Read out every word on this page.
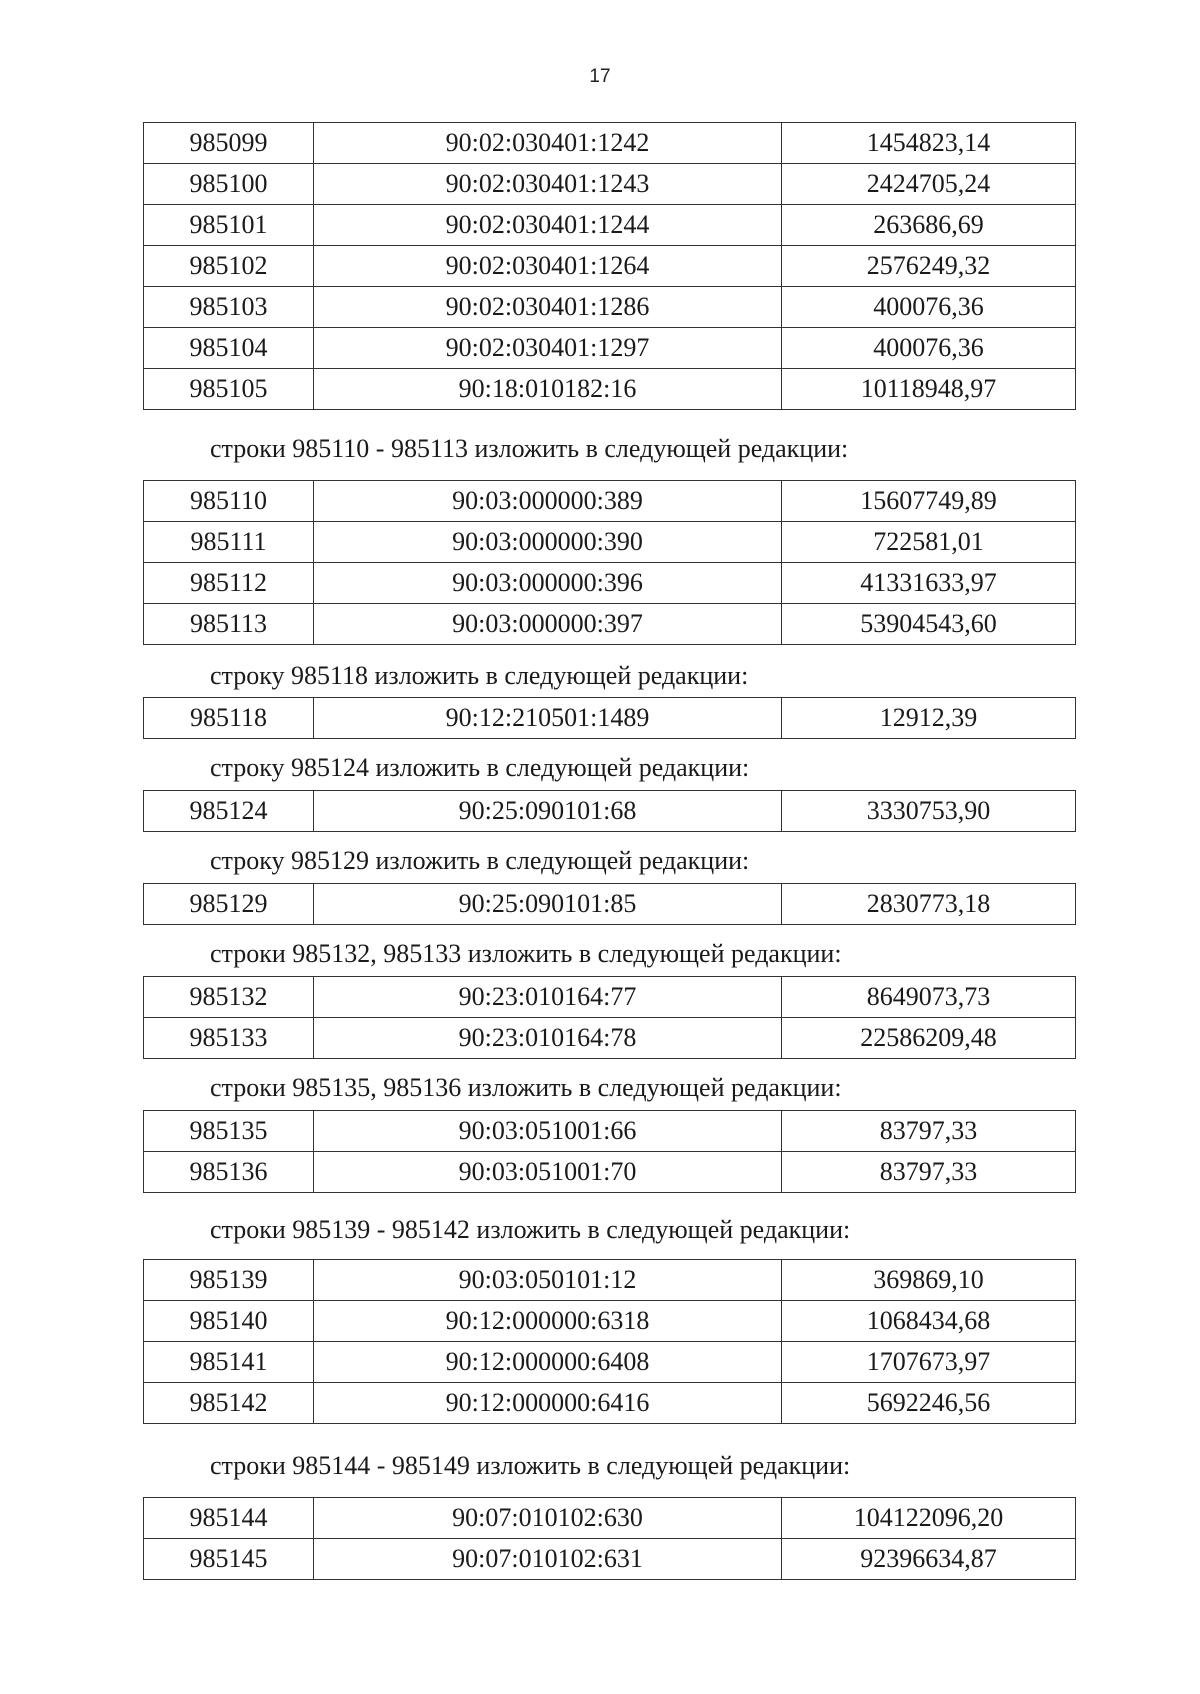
17
985099	90:02:030401:1242	1454823,14
985100	90:02:030401:1243	2424705,24
985101	90:02:030401:1244	263686,69
985102	90:02:030401:1264	2576249,32
985103	90:02:030401:1286	400076,36
985104	90:02:030401:1297	400076,36
985105	90:18:010182:16	10118948,97
строки 985110 - 985113 изложить в следующей редакции:
985110	90:03:000000:389	15607749,89
985111	90:03:000000:390	722581,01
985112	90:03:000000:396	41331633,97
985113	90:03:000000:397	53904543,60
строку 985118 изложить в следующей редакции:
985118	90:12:210501:1489	12912,39
строку 985124 изложить в следующей редакции:
985124	90:25:090101:68	3330753,90
строку 985129 изложить в следующей редакции:
985129	90:25:090101:85	2830773,18
строки 985132, 985133 изложить в следующей редакции:
985132	90:23:010164:77	8649073,73
985133	90:23:010164:78	22586209,48
строки 985135, 985136 изложить в следующей редакции:
985135	90:03:051001:66	83797,33
985136	90:03:051001:70	83797,33
строки 985139 - 985142 изложить в следующей редакции:
985139	90:03:050101:12	369869,10
985140	90:12:000000:6318	1068434,68
985141	90:12:000000:6408	1707673,97
985142	90:12:000000:6416	5692246,56
строки 985144 - 985149 изложить в следующей редакции:
985144	90:07:010102:630	104122096,20
985145	90:07:010102:631	92396634,87
